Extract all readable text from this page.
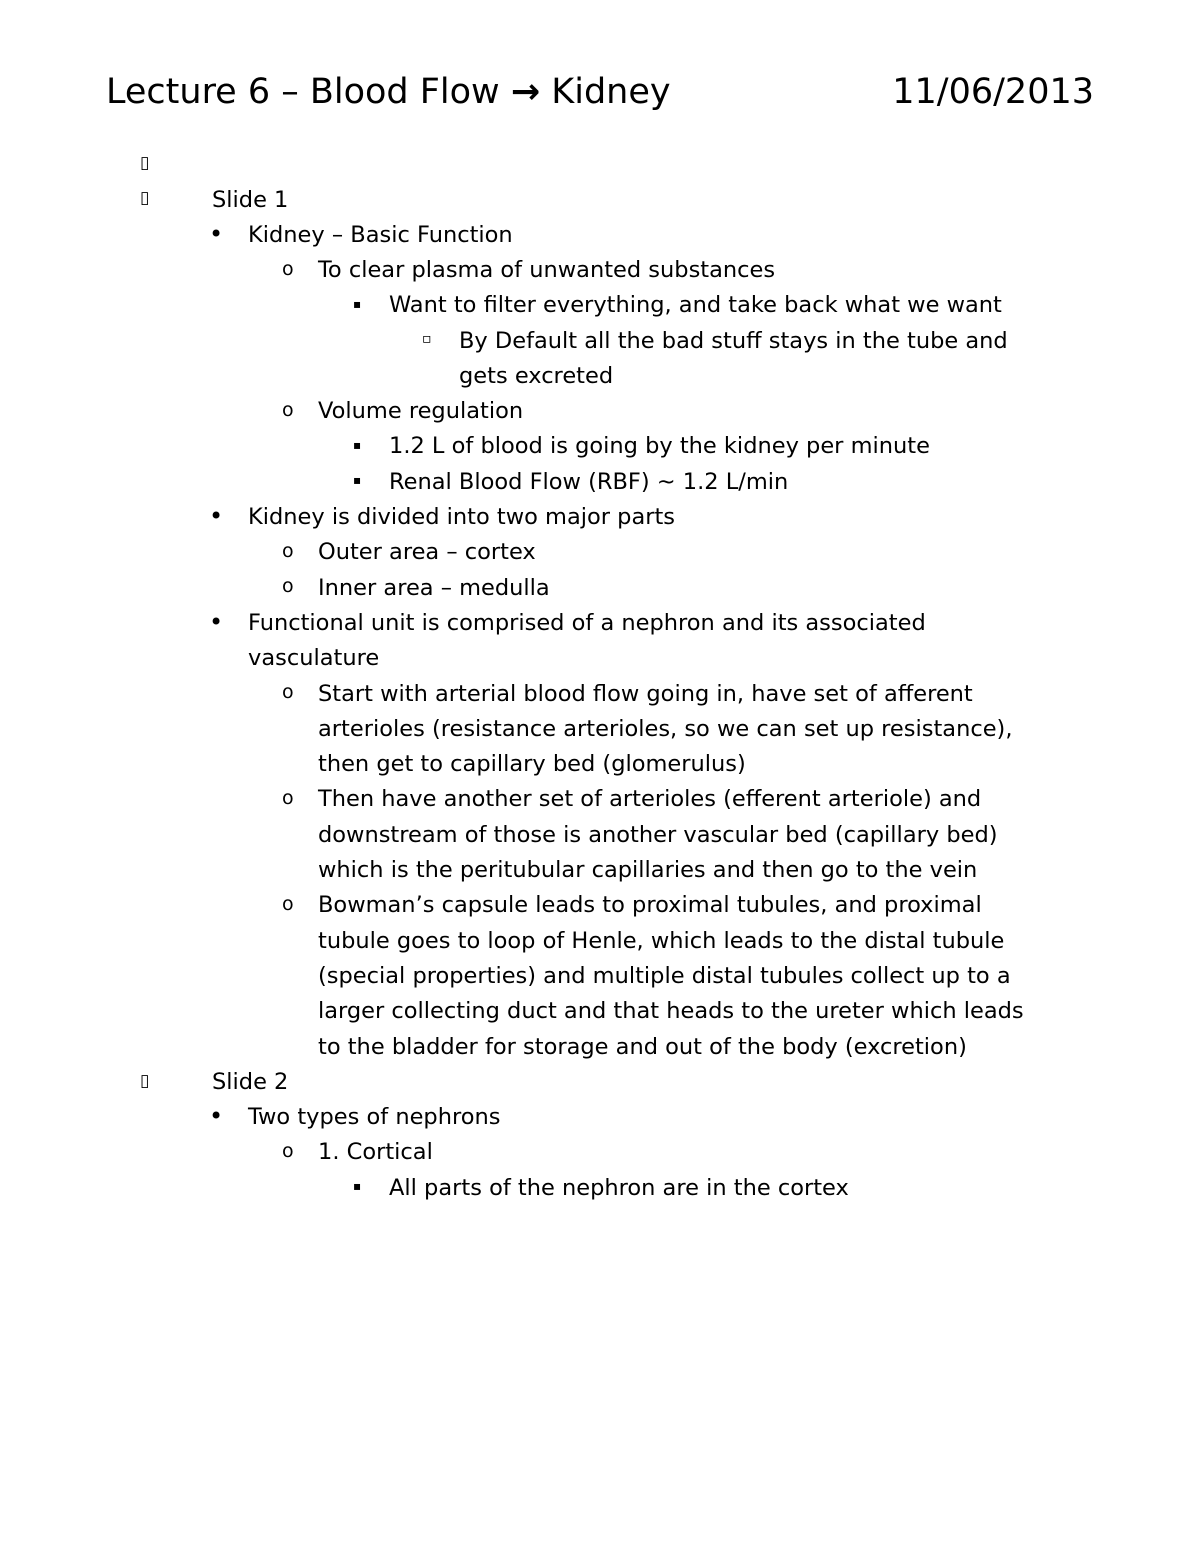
Lecture 6 – Blood Flow → Kidney	11/06/2013
▯
▯
•
o
▪
▫
o
▪
▪
•
o
o
•
o
o
o
▯
•
o
▪
Slide 1
Kidney – Basic Function
To clear plasma of unwanted substances
Want to filter everything, and take back what we want
By Default all the bad stuff stays in the tube and
gets excreted
Volume regulation
1.2 L of blood is going by the kidney per minute
Renal Blood Flow (RBF) ~ 1.2 L/min
Kidney is divided into two major parts
Outer area – cortex
Inner area – medulla
Functional unit is comprised of a nephron and its associated
vasculature
Start with arterial blood flow going in, have set of afferent
arterioles (resistance arterioles, so we can set up resistance),
then get to capillary bed (glomerulus)
Then have another set of arterioles (efferent arteriole) and
downstream of those is another vascular bed (capillary bed)
which is the peritubular capillaries and then go to the vein
Bowman’s capsule leads to proximal tubules, and proximal
tubule goes to loop of Henle, which leads to the distal tubule
(special properties) and multiple distal tubules collect up to a
larger collecting duct and that heads to the ureter which leads
to the bladder for storage and out of the body (excretion)
Slide 2
Two types of nephrons
1. Cortical
All parts of the nephron are in the cortex
